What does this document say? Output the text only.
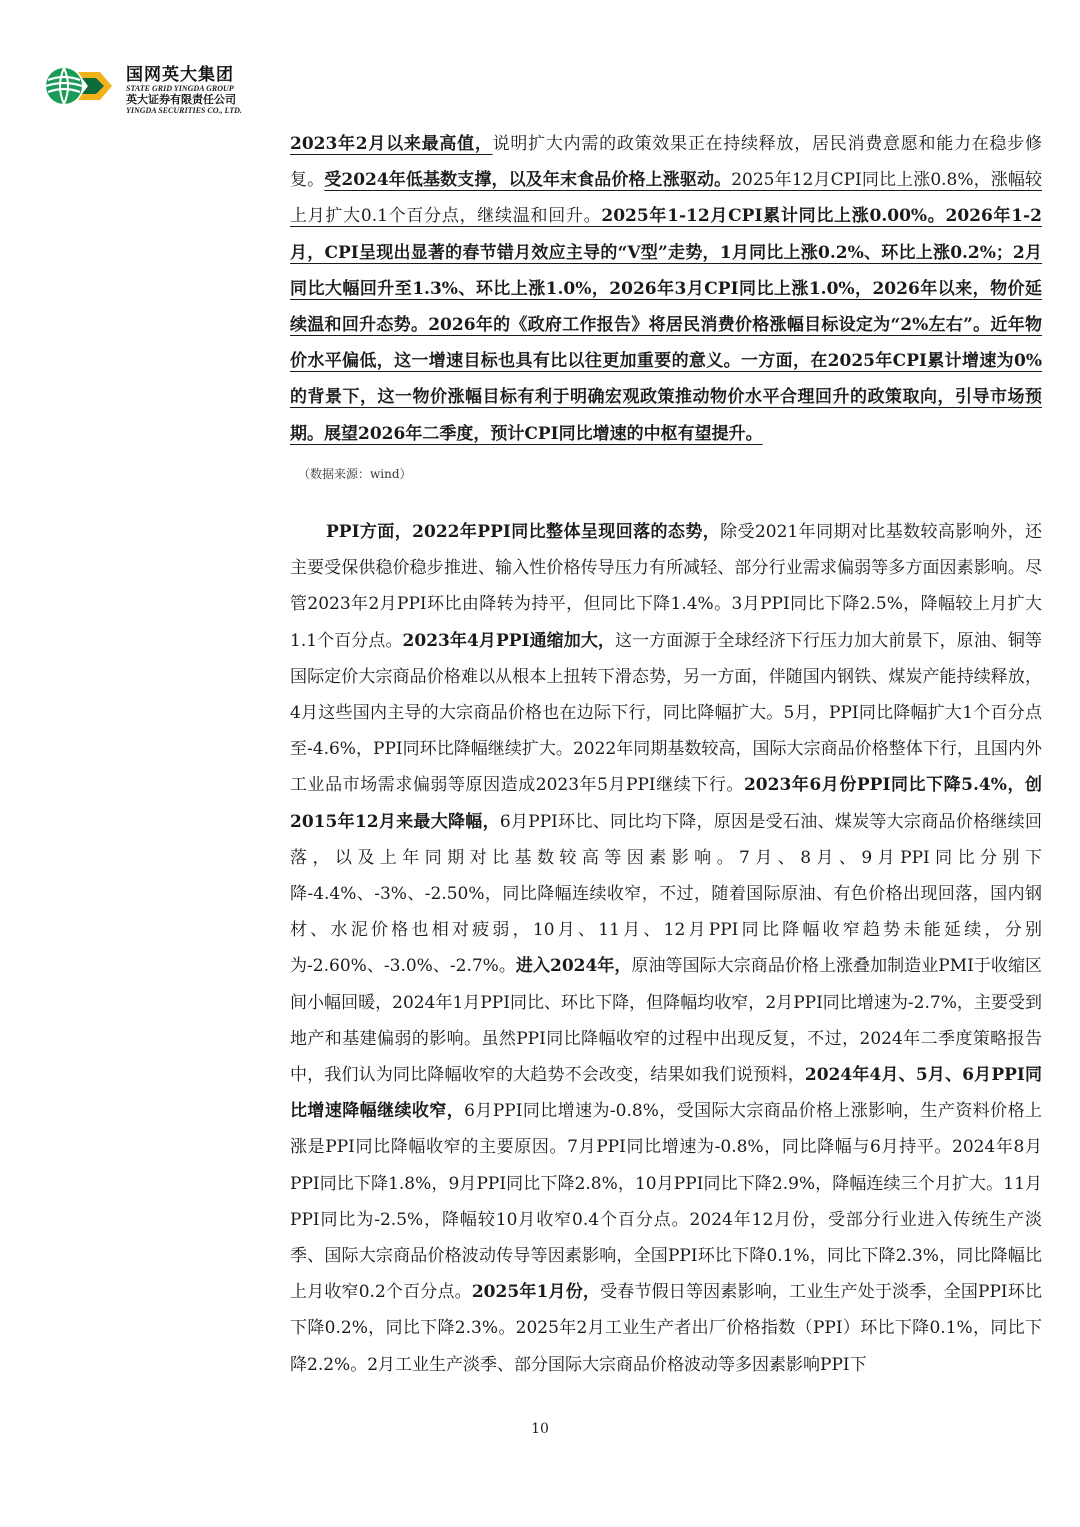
国网英大集团
STATE GRID YINGDA GROUP
英大证券有限责任公司
YINGDA SECURITIES CO., LTD.

2023年2月以来最高值，说明扩大内需的政策效果正在持续释放，居民消费意愿和能力在稳步修复。受2024年低基数支撑，以及年末食品价格上涨驱动。2025年12月CPI同比上涨0.8%，涨幅较上月扩大0.1个百分点，继续温和回升。2025年1-12月CPI累计同比上涨0.00%。2026年1-2月，CPI呈现出显著的春节错月效应主导的“V型”走势，1月同比上涨0.2%、环比上涨0.2%；2月同比大幅回升至1.3%、环比上涨1.0%，2026年3月CPI同比上涨1.0%，2026年以来，物价延续温和回升态势。2026年的《政府工作报告》将居民消费价格涨幅目标设定为“2%左右”。近年物价水平偏低，这一增速目标也具有比以往更加重要的意义。一方面，在2025年CPI累计增速为0%的背景下，这一物价涨幅目标有利于明确宏观政策推动物价水平合理回升的政策取向，引导市场预期。展望2026年二季度，预计CPI同比增速的中枢有望提升。

（数据来源：wind）

PPI方面，2022年PPI同比整体呈现回落的态势，除受2021年同期对比基数较高影响外，还主要受保供稳价稳步推进、输入性价格传导压力有所减轻、部分行业需求偏弱等多方面因素影响。尽管2023年2月PPI环比由降转为持平，但同比下降1.4%。3月PPI同比下降2.5%，降幅较上月扩大1.1个百分点。2023年4月PPI通缩加大，这一方面源于全球经济下行压力加大前景下，原油、铜等国际定价大宗商品价格难以从根本上扭转下滑态势，另一方面，伴随国内钢铁、煤炭产能持续释放，4月这些国内主导的大宗商品价格也在边际下行，同比降幅扩大。5月，PPI同比降幅扩大1个百分点至-4.6%，PPI同环比降幅继续扩大。2022年同期基数较高，国际大宗商品价格整体下行，且国内外工业品市场需求偏弱等原因造成2023年5月PPI继续下行。2023年6月份PPI同比下降5.4%，创2015年12月来最大降幅，6月PPI环比、同比均下降，原因是受石油、煤炭等大宗商品价格继续回落，以及上年同期对比基数较高等因素影响。7月、8月、9月PPI同比分别下降-4.4%、-3%、-2.50%，同比降幅连续收窄，不过，随着国际原油、有色价格出现回落，国内钢材、水泥价格也相对疲弱，10月、11月、12月PPI同比降幅收窄趋势未能延续，分别为-2.60%、-3.0%、-2.7%。进入2024年，原油等国际大宗商品价格上涨叠加制造业PMI于收缩区间小幅回暖，2024年1月PPI同比、环比下降，但降幅均收窄，2月PPI同比增速为-2.7%，主要受到地产和基建偏弱的影响。虽然PPI同比降幅收窄的过程中出现反复，不过，2024年二季度策略报告中，我们认为同比降幅收窄的大趋势不会改变，结果如我们说预料，2024年4月、5月、6月PPI同比增速降幅继续收窄，6月PPI同比增速为-0.8%，受国际大宗商品价格上涨影响，生产资料价格上涨是PPI同比降幅收窄的主要原因。7月PPI同比增速为-0.8%，同比降幅与6月持平。2024年8月PPI同比下降1.8%，9月PPI同比下降2.8%，10月PPI同比下降2.9%，降幅连续三个月扩大。11月PPI同比为-2.5%，降幅较10月收窄0.4个百分点。2024年12月份，受部分行业进入传统生产淡季、国际大宗商品价格波动传导等因素影响，全国PPI环比下降0.1%，同比下降2.3%，同比降幅比上月收窄0.2个百分点。2025年1月份，受春节假日等因素影响，工业生产处于淡季，全国PPI环比下降0.2%，同比下降2.3%。2025年2月工业生产者出厂价格指数（PPI）环比下降0.1%，同比下降2.2%。2月工业生产淡季、部分国际大宗商品价格波动等多因素影响PPI下

10
